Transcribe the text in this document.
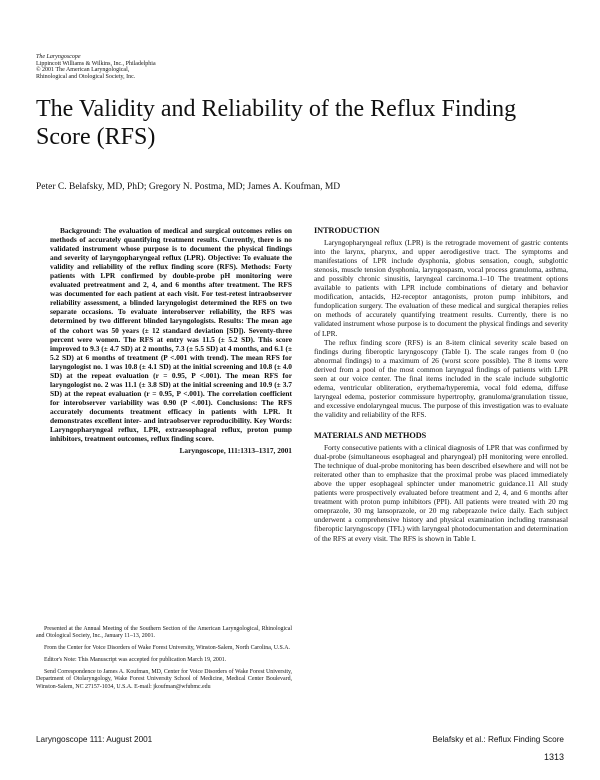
The Laryngoscope
Lippincott Williams & Wilkins, Inc., Philadelphia
© 2001 The American Laryngological,
Rhinological and Otological Society, Inc.
The Validity and Reliability of the Reflux Finding Score (RFS)
Peter C. Belafsky, MD, PhD; Gregory N. Postma, MD; James A. Koufman, MD

Background: The evaluation of medical and surgical outcomes relies on methods of accurately quantifying treatment results. Currently, there is no validated instrument whose purpose is to document the physical findings and severity of laryngopharyngeal reflux (LPR). Objective: To evaluate the validity and reliability of the reflux finding score (RFS). Methods: Forty patients with LPR confirmed by double-probe pH monitoring were evaluated pretreatment and 2, 4, and 6 months after treatment. The RFS was documented for each patient at each visit. For test-retest intraobserver reliability assessment, a blinded laryngologist determined the RFS on two separate occasions. To evaluate interobserver reliability, the RFS was determined by two different blinded laryngologists. Results: The mean age of the cohort was 50 years (± 12 standard deviation [SD]). Seventy-three percent were women. The RFS at entry was 11.5 (± 5.2 SD). This score improved to 9.3 (± 4.7 SD) at 2 months, 7.3 (± 5.5 SD) at 4 months, and 6.1 (± 5.2 SD) at 6 months of treatment (P <.001 with trend). The mean RFS for laryngologist no. 1 was 10.8 (± 4.1 SD) at the initial screening and 10.8 (± 4.0 SD) at the repeat evaluation (r = 0.95, P <.001). The mean RFS for laryngologist no. 2 was 11.1 (± 3.8 SD) at the initial screening and 10.9 (± 3.7 SD) at the repeat evaluation (r = 0.95, P <.001). The correlation coefficient for interobserver variability was 0.90 (P <.001). Conclusions: The RFS accurately documents treatment efficacy in patients with LPR. It demonstrates excellent inter- and intraobserver reproducibility. Key Words: Laryngopharyngeal reflux, LPR, extraesophageal reflux, proton pump inhibitors, treatment outcomes, reflux finding score.

Laryngoscope, 111:1313–1317, 2001

Presented at the Annual Meeting of the Southern Section of the American Laryngological, Rhinological and Otological Society, Inc., January 11–13, 2001.

From the Center for Voice Disorders of Wake Forest University, Winston-Salem, North Carolina, U.S.A.

Editor's Note: This Manuscript was accepted for publication March 19, 2001.

Send Correspondence to James A. Koufman, MD, Center for Voice Disorders of Wake Forest University, Department of Otolaryngology, Wake Forest University School of Medicine, Medical Center Boulevard, Winston-Salem, NC 27157-1034, U.S.A. E-mail: jkoufman@wfubmc.edu

INTRODUCTION

Laryngopharyngeal reflux (LPR) is the retrograde movement of gastric contents into the larynx, pharynx, and upper aerodigestive tract. The symptoms and manifestations of LPR include dysphonia, globus sensation, cough, subglottic stenosis, muscle tension dysphonia, laryngospasm, vocal process granuloma, asthma, and possibly chronic sinusitis, laryngeal carcinoma.1–10 The treatment options available to patients with LPR include combinations of dietary and behavior modification, antacids, H2-receptor antagonists, proton pump inhibitors, and fundoplication surgery. The evaluation of these medical and surgical therapies relies on methods of accurately quantifying treatment results. Currently, there is no validated instrument whose purpose is to document the physical findings and severity of LPR.

The reflux finding score (RFS) is an 8-item clinical severity scale based on findings during fiberoptic laryngoscopy (Table I). The scale ranges from 0 (no abnormal findings) to a maximum of 26 (worst score possible). The 8 items were derived from a pool of the most common laryngeal findings of patients with LPR seen at our voice center. The final items included in the scale include subglottic edema, ventricular obliteration, erythema/hyperemia, vocal fold edema, diffuse laryngeal edema, posterior commissure hypertrophy, granuloma/granulation tissue, and excessive endolaryngeal mucus. The purpose of this investigation was to evaluate the validity and reliability of the RFS.

MATERIALS AND METHODS

Forty consecutive patients with a clinical diagnosis of LPR that was confirmed by dual-probe (simultaneous esophageal and pharyngeal) pH monitoring were enrolled. The technique of dual-probe monitoring has been described elsewhere and will not be reiterated other than to emphasize that the proximal probe was placed immediately above the upper esophageal sphincter under manometric guidance.11 All study patients were prospectively evaluated before treatment and 2, 4, and 6 months after treatment with proton pump inhibitors (PPI). All patients were treated with 20 mg omeprazole, 30 mg lansoprazole, or 20 mg rabeprazole twice daily. Each subject underwent a comprehensive history and physical examination including transnasal fiberoptic laryngoscopy (TFL) with laryngeal photodocumentation and determination of the RFS at every visit. The RFS is shown in Table I.

Laryngoscope 111: August 2001	Belafsky et al.: Reflux Finding Score
1313
